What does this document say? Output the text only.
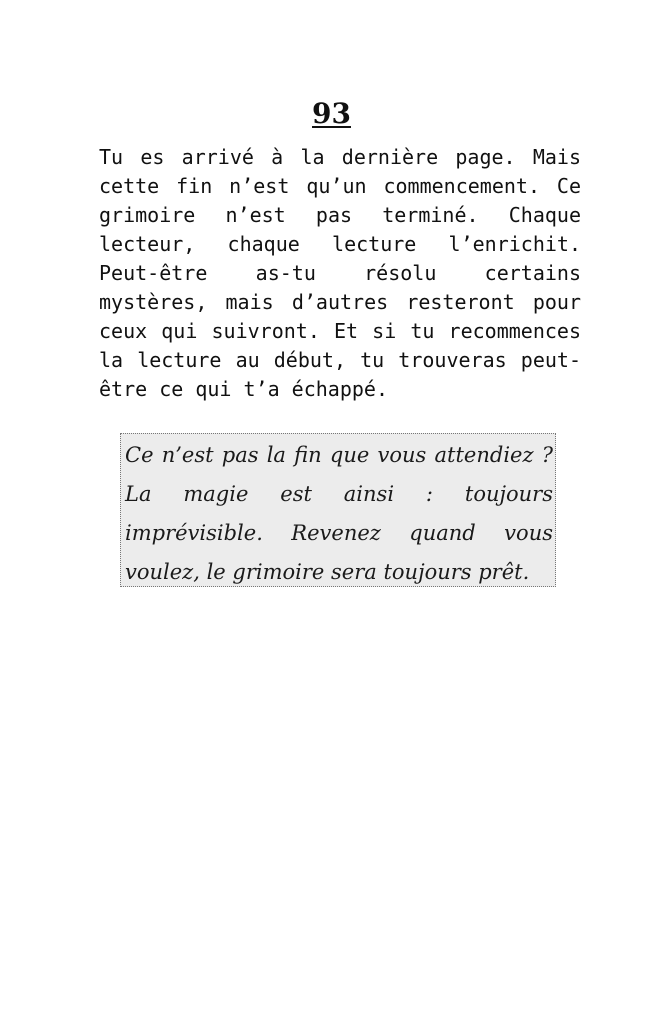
93

Tu es arrivé à la dernière page. Mais cette fin n’est qu’un commencement. Ce grimoire n’est pas terminé. Chaque lecteur, chaque lecture l’enrichit. Peut-être as-tu résolu certains mystères, mais d’autres resteront pour ceux qui suivront. Et si tu recommences la lecture au début, tu trouveras peut-être ce qui t’a échappé.

Ce n’est pas la fin que vous attendiez ? La magie est ainsi : toujours imprévisible. Revenez quand vous voulez, le grimoire sera toujours prêt.
